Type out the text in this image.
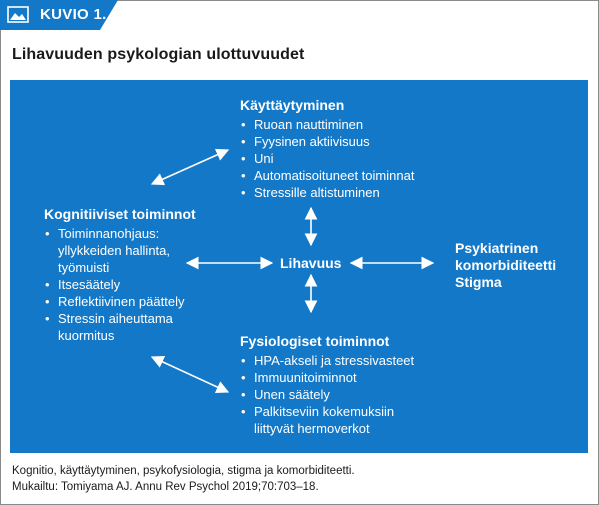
KUVIO 1.
Lihavuuden psykologian ulottuvuudet
Käyttäytyminen
• Ruoan nauttiminen
• Fyysinen aktiivisuus
• Uni
• Automatisoituneet toiminnat
• Stressille altistuminen
Kognitiiviset toiminnot
• Toiminnanohjaus: yllykkeiden hallinta, työmuisti
• Itsesäätely
• Reflektiivinen päättely
• Stressin aiheuttama kuormitus
Lihavuus
Psykiatrinen
komorbiditeetti
Stigma
Fysiologiset toiminnot
• HPA-akseli ja stressivasteet
• Immuunitoiminnot
• Unen säätely
• Palkitseviin kokemuksiin liittyvät hermoverkot
Kognitio, käyttäytyminen, psykofysiologia, stigma ja komorbiditeetti.
Mukailtu: Tomiyama AJ. Annu Rev Psychol 2019;70:703–18.
